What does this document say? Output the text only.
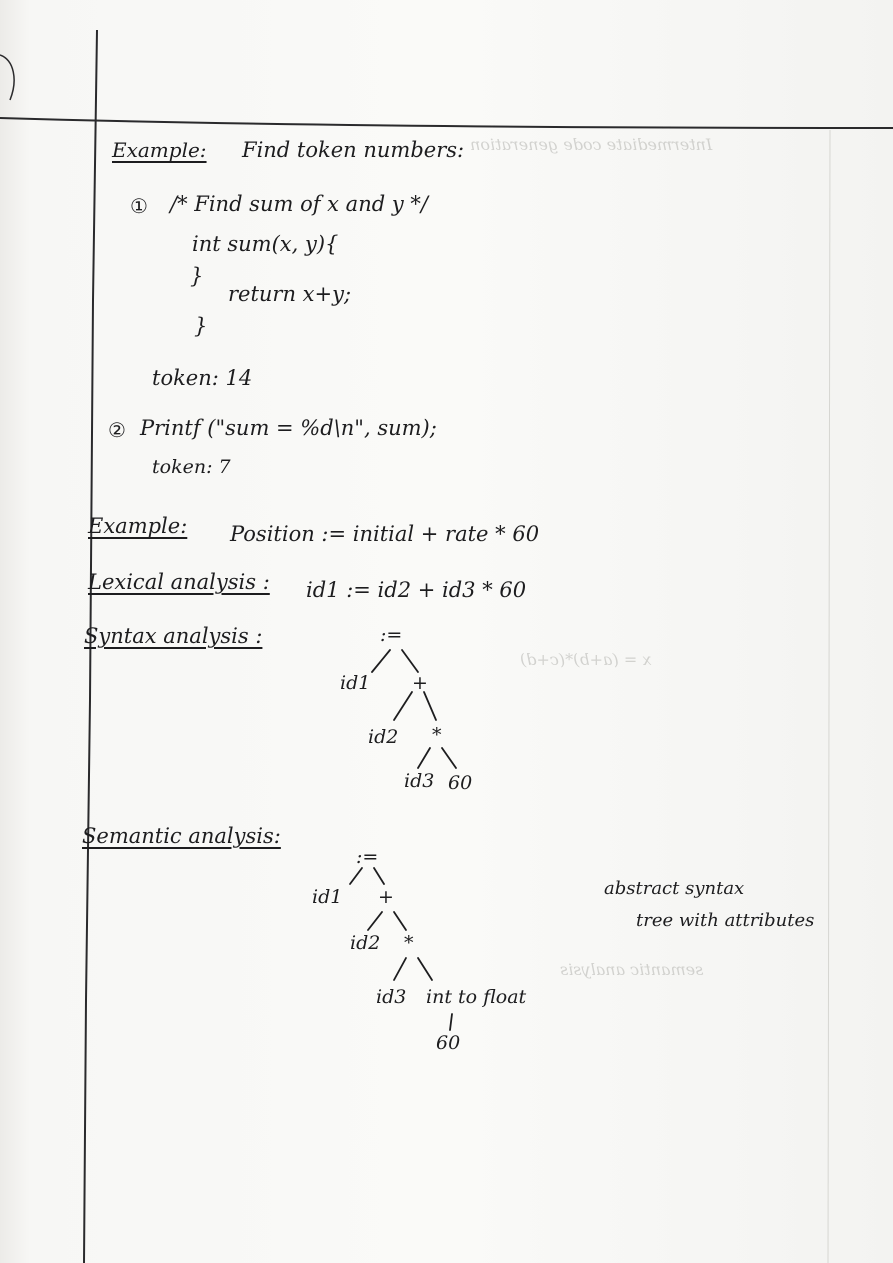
Intermediate code generation
x = (a+b)*(c+d)
semantic analysis
Example: Find token numbers:
① /* Find sum of x and y */
int sum(x, y){
}
return x+y;
}
token: 14
② Printf ("sum = %d\n", sum);
token: 7
Example: Position := initial + rate * 60
Lexical analysis : id1 := id2 + id3 * 60
Syntax analysis :	:=
id1 +
id2 *
id3 60
Semantic analysis:
:=
id1 +
id2 *
id3 int to float
60
abstract syntax
tree with attributes
